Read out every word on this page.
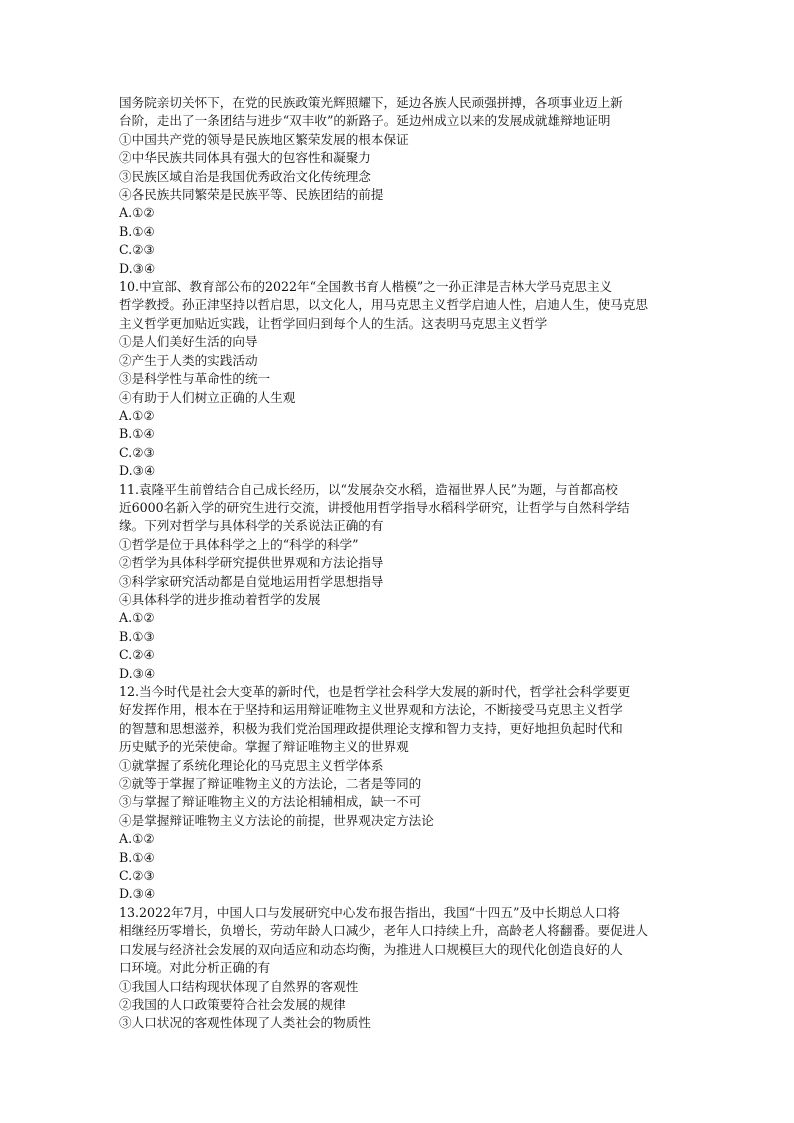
国务院亲切关怀下，在党的民族政策光辉照耀下，延边各族人民顽强拼搏，各项事业迈上新
台阶，走出了一条团结与进步“双丰收”的新路子。延边州成立以来的发展成就雄辩地证明
①中国共产党的领导是民族地区繁荣发展的根本保证
②中华民族共同体具有强大的包容性和凝聚力
③民族区域自治是我国优秀政治文化传统理念
④各民族共同繁荣是民族平等、民族团结的前提
A.①②
B.①④
C.②③
D.③④
10.中宣部、教育部公布的2022年“全国教书育人楷模”之一孙正津是吉林大学马克思主义
哲学教授。孙正津坚持以哲启思，以文化人，用马克思主义哲学启迪人性，启迪人生，使马克思
主义哲学更加贴近实践，让哲学回归到每个人的生活。这表明马克思主义哲学
①是人们美好生活的向导
②产生于人类的实践活动
③是科学性与革命性的统一
④有助于人们树立正确的人生观
A.①②
B.①④
C.②③
D.③④
11.袁隆平生前曾结合自己成长经历，以“发展杂交水稻，造福世界人民”为题，与首都高校
近6000名新入学的研究生进行交流，讲授他用哲学指导水稻科学研究，让哲学与自然科学结
缘。下列对哲学与具体科学的关系说法正确的有
①哲学是位于具体科学之上的“科学的科学”
②哲学为具体科学研究提供世界观和方法论指导
③科学家研究活动都是自觉地运用哲学思想指导
④具体科学的进步推动着哲学的发展
A.①②
B.①③
C.②④
D.③④
12.当今时代是社会大变革的新时代，也是哲学社会科学大发展的新时代，哲学社会科学要更
好发挥作用，根本在于坚持和运用辩证唯物主义世界观和方法论，不断接受马克思主义哲学
的智慧和思想滋养，积极为我们党治国理政提供理论支撑和智力支持，更好地担负起时代和
历史赋予的光荣使命。掌握了辩证唯物主义的世界观
①就掌握了系统化理论化的马克思主义哲学体系
②就等于掌握了辩证唯物主义的方法论，二者是等同的
③与掌握了辩证唯物主义的方法论相辅相成，缺一不可
④是掌握辩证唯物主义方法论的前提，世界观决定方法论
A.①②
B.①④
C.②③
D.③④
13.2022年7月，中国人口与发展研究中心发布报告指出，我国“十四五”及中长期总人口将
相继经历零增长，负增长，劳动年龄人口减少，老年人口持续上升，高龄老人将翻番。要促进人
口发展与经济社会发展的双向适应和动态均衡，为推进人口规模巨大的现代化创造良好的人
口环境。对此分析正确的有
①我国人口结构现状体现了自然界的客观性
②我国的人口政策要符合社会发展的规律
③人口状况的客观性体现了人类社会的物质性
